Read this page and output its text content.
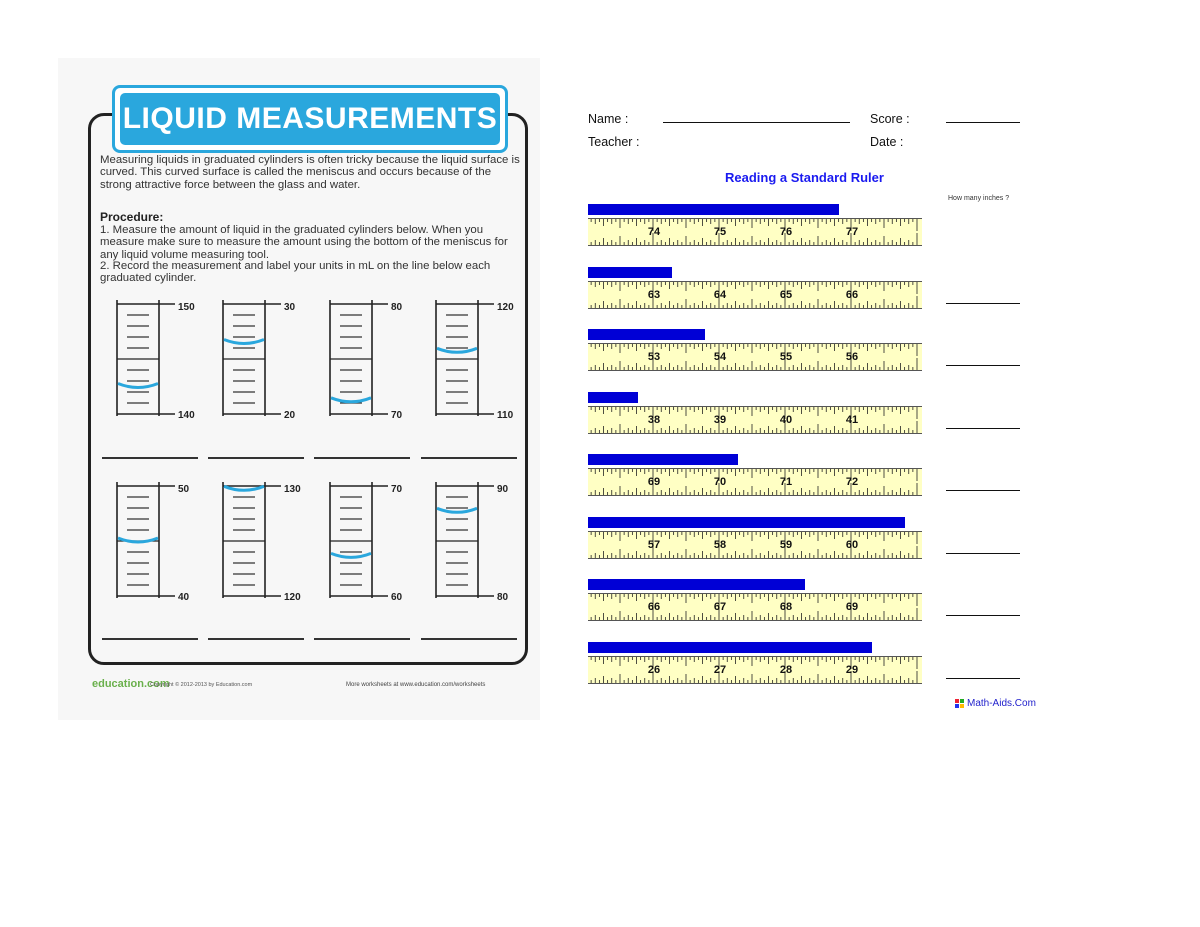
LIQUID MEASUREMENTS
Measuring liquids in graduated cylinders is often tricky because the liquid surface is curved. This curved surface is called the meniscus and occurs because of the strong attractive force between the glass and water.
Procedure:
1. Measure the amount of liquid in the graduated cylinders below. When you measure make sure to measure the amount using the bottom of the meniscus for any liquid volume measuring tool.
2. Record the measurement and label your units in mL on the line below each graduated cylinder.
150
140
30
20
80
70
120
110
50
40
130
120
70
60
90
80
education.com
Copyright © 2012-2013 by Education.com	More worksheets at www.education.com/worksheets
Name :	Score :
Teacher :	Date :
Reading a Standard Ruler
How many inches ?
74	75	76	77
63	64	65	66
53	54	55	56
38	39	40	41
69	70	71	72
57	58	59	60
66	67	68	69
26	27	28	29
Math-Aids.Com
